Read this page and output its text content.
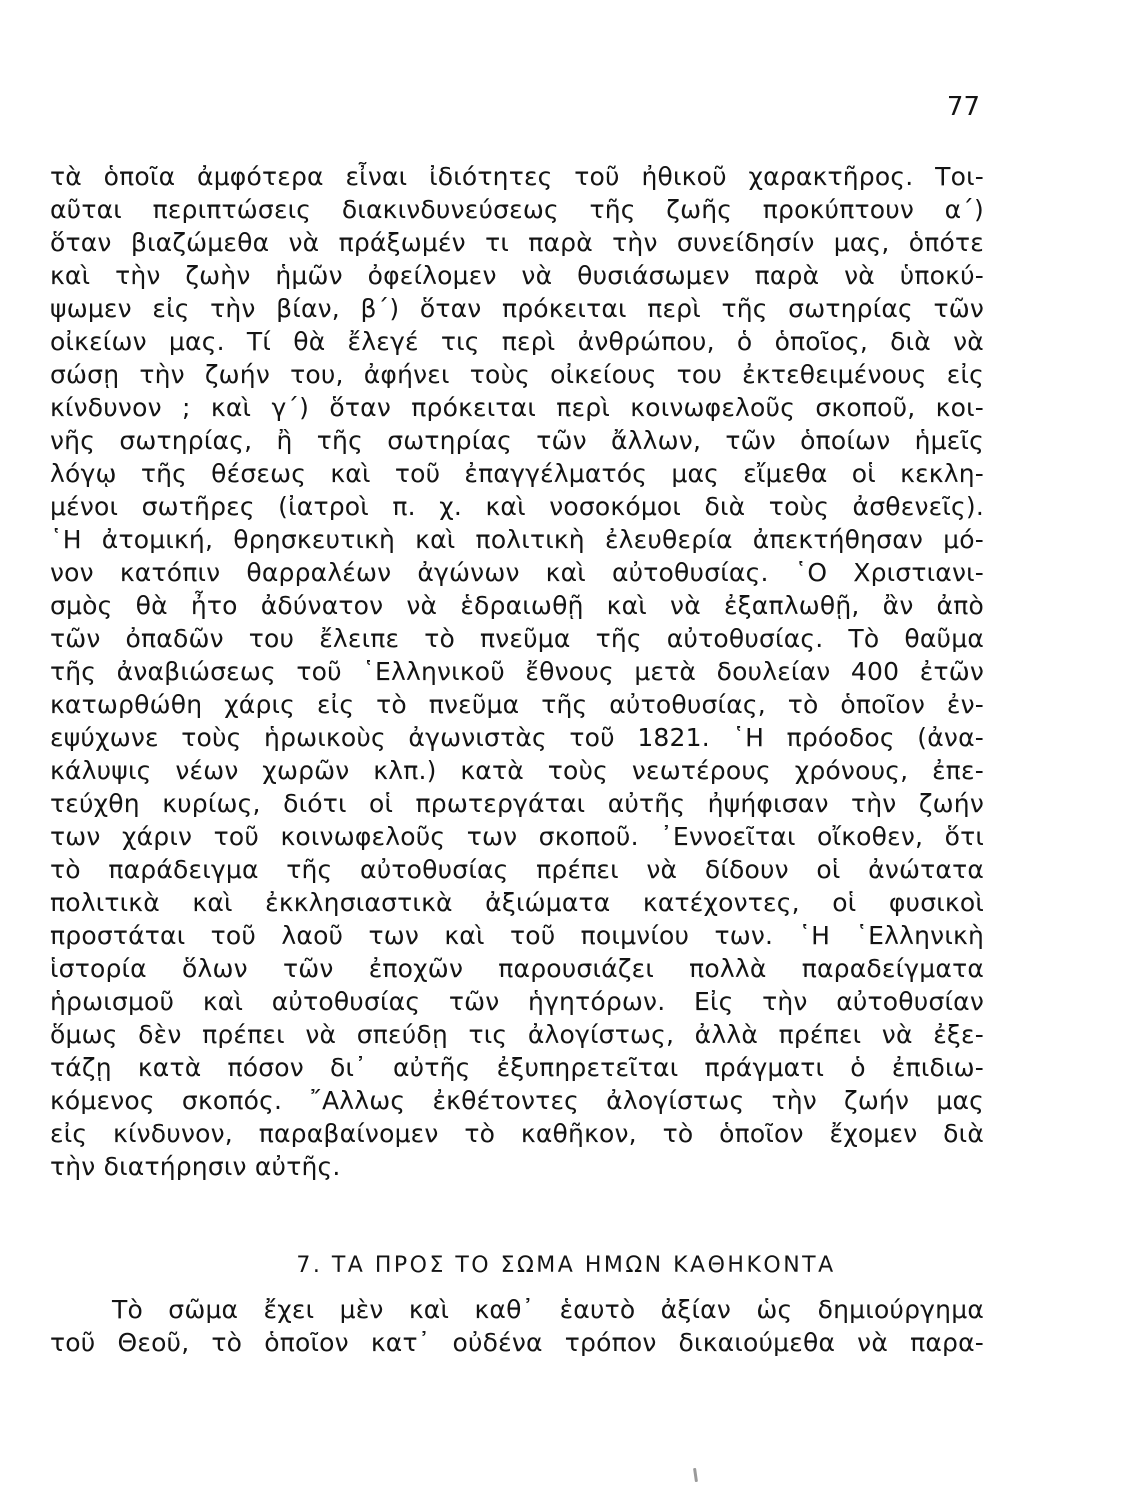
77
τὰ ὁποῖα ἀμφότερα εἶναι ἰδιότητες τοῦ ἠθικοῦ χαρακτῆρος. Τοι-
αῦται περιπτώσεις διακινδυνεύσεως τῆς ζωῆς προκύπτουν α΄)
ὅταν βιαζώμεθα νὰ πράξωμέν τι παρὰ τὴν συνείδησίν μας, ὁπότε
καὶ τὴν ζωὴν ἡμῶν ὀφείλομεν νὰ θυσιάσωμεν παρὰ νὰ ὑποκύ-
ψωμεν εἰς τὴν βίαν, β΄) ὅταν πρόκειται περὶ τῆς σωτηρίας τῶν
οἰκείων μας. Τί θὰ ἔλεγέ τις περὶ ἀνθρώπου, ὁ ὁποῖος, διὰ νὰ
σώσῃ τὴν ζωήν του, ἀφήνει τοὺς οἰκείους του ἐκτεθειμένους εἰς
κίνδυνον ; καὶ γ΄) ὅταν πρόκειται περὶ κοινωφελοῦς σκοποῦ, κοι-
νῆς σωτηρίας, ἢ τῆς σωτηρίας τῶν ἄλλων, τῶν ὁποίων ἡμεῖς
λόγῳ τῆς θέσεως καὶ τοῦ ἐπαγγέλματός μας εἴμεθα οἱ κεκλη-
μένοι σωτῆρες (ἰατροὶ π. χ. καὶ νοσοκόμοι διὰ τοὺς ἀσθενεῖς).
῾Η ἀτομική, θρησκευτικὴ καὶ πολιτικὴ ἐλευθερία ἀπεκτήθησαν μό-
νον κατόπιν θαρραλέων ἀγώνων καὶ αὐτοθυσίας. ῾Ο Χριστιανι-
σμὸς θὰ ἦτο ἀδύνατον νὰ ἑδραιωθῇ καὶ νὰ ἐξαπλωθῇ, ἂν ἀπὸ
τῶν ὀπαδῶν του ἔλειπε τὸ πνεῦμα τῆς αὐτοθυσίας. Τὸ θαῦμα
τῆς ἀναβιώσεως τοῦ ῾Ελληνικοῦ ἔθνους μετὰ δουλείαν 400 ἐτῶν
κατωρθώθη χάρις εἰς τὸ πνεῦμα τῆς αὐτοθυσίας, τὸ ὁποῖον ἐν-
εψύχωνε τοὺς ἡρωικοὺς ἀγωνιστὰς τοῦ 1821. ῾Η πρόοδος (ἀνα-
κάλυψις νέων χωρῶν κλπ.) κατὰ τοὺς νεωτέρους χρόνους, ἐπε-
τεύχθη κυρίως, διότι οἱ πρωτεργάται αὐτῆς ἠψήφισαν τὴν ζωήν
των χάριν τοῦ κοινωφελοῦς των σκοποῦ. ᾿Εννοεῖται οἴκοθεν, ὅτι
τὸ παράδειγμα τῆς αὐτοθυσίας πρέπει νὰ δίδουν οἱ ἀνώτατα
πολιτικὰ καὶ ἐκκλησιαστικὰ ἀξιώματα κατέχοντες, οἱ φυσικοὶ
προστάται τοῦ λαοῦ των καὶ τοῦ ποιμνίου των. ῾Η ῾Ελληνικὴ
ἱστορία ὅλων τῶν ἐποχῶν παρουσιάζει πολλὰ παραδείγματα
ἡρωισμοῦ καὶ αὐτοθυσίας τῶν ἡγητόρων. Εἰς τὴν αὐτοθυσίαν
ὅμως δὲν πρέπει νὰ σπεύδῃ τις ἀλογίστως, ἀλλὰ πρέπει νὰ ἐξε-
τάζῃ κατὰ πόσον δι᾿ αὐτῆς ἐξυπηρετεῖται πράγματι ὁ ἐπιδιω-
κόμενος σκοπός. ῎Αλλως ἐκθέτοντες ἀλογίστως τὴν ζωήν μας
εἰς κίνδυνον, παραβαίνομεν τὸ καθῆκον, τὸ ὁποῖον ἔχομεν διὰ
τὴν διατήρησιν αὐτῆς.
7. ΤΑ ΠΡΟΣ ΤΟ ΣΩΜΑ ΗΜΩΝ ΚΑΘΗΚΟΝΤΑ
Τὸ σῶμα ἔχει μὲν καὶ καθ᾿ ἑαυτὸ ἀξίαν ὡς δημιούργημα
τοῦ Θεοῦ, τὸ ὁποῖον κατ᾿ οὐδένα τρόπον δικαιούμεθα νὰ παρα-
